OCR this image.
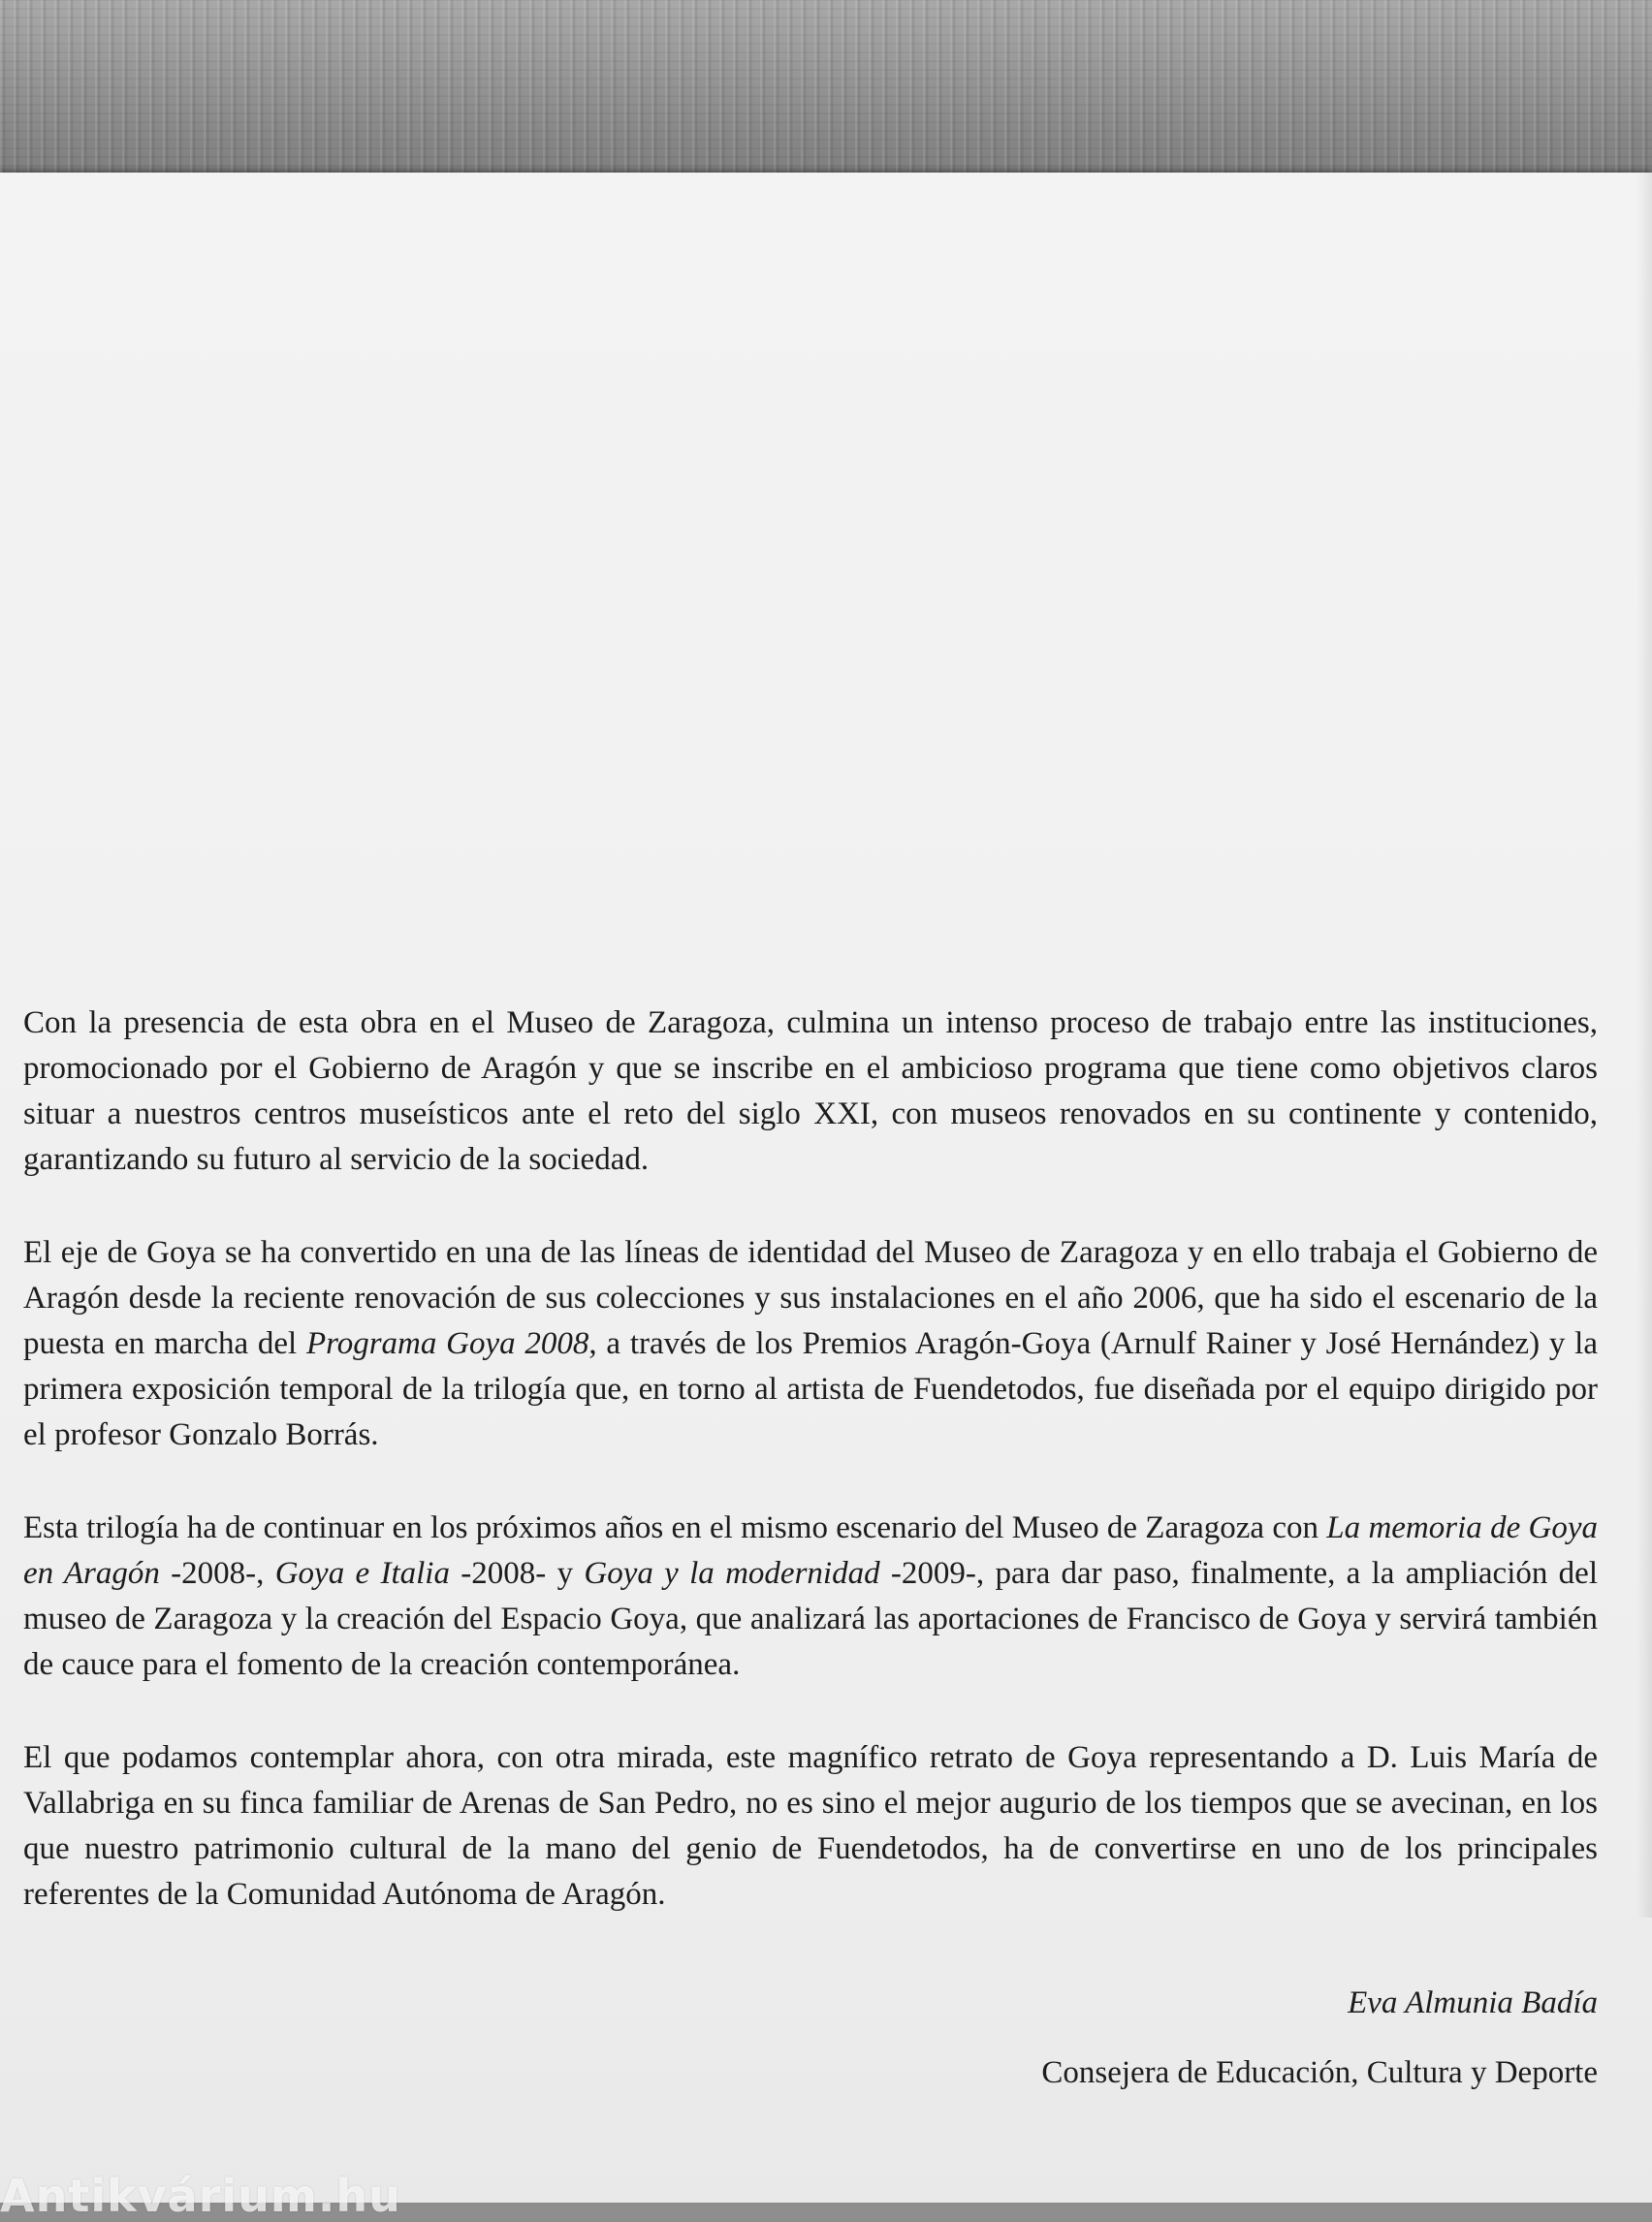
Con la presencia de esta obra en el Museo de Zaragoza, culmina un intenso proceso de trabajo entre las instituciones, promocionado por el Gobierno de Aragón y que se inscribe en el ambicioso programa que tiene como objetivos claros situar a nuestros centros museísticos ante el reto del siglo XXI, con museos renovados en su continente y contenido, garantizando su futuro al servicio de la sociedad.

El eje de Goya se ha convertido en una de las líneas de identidad del Museo de Zaragoza y en ello trabaja el Gobierno de Aragón desde la reciente renovación de sus colecciones y sus instalaciones en el año 2006, que ha sido el escenario de la puesta en marcha del Programa Goya 2008, a través de los Premios Aragón-Goya (Arnulf Rainer y José Hernández) y la primera exposición temporal de la trilogía que, en torno al artista de Fuendetodos, fue diseñada por el equipo dirigido por el profesor Gonzalo Borrás.

Esta trilogía ha de continuar en los próximos años en el mismo escenario del Museo de Zaragoza con La memoria de Goya en Aragón -2008-, Goya e Italia -2008- y Goya y la modernidad -2009-, para dar paso, finalmente, a la ampliación del museo de Zaragoza y la creación del Espacio Goya, que analizará las aportaciones de Francisco de Goya y servirá también de cauce para el fomento de la creación contemporánea.

El que podamos contemplar ahora, con otra mirada, este magnífico retrato de Goya representando a D. Luis María de Vallabriga en su finca familiar de Arenas de San Pedro, no es sino el mejor augurio de los tiempos que se avecinan, en los que nuestro patrimonio cultural de la mano del genio de Fuendetodos, ha de convertirse en uno de los principales referentes de la Comunidad Autónoma de Aragón.

Eva Almunia Badía
Consejera de Educación, Cultura y Deporte
Antikvárium.hu
